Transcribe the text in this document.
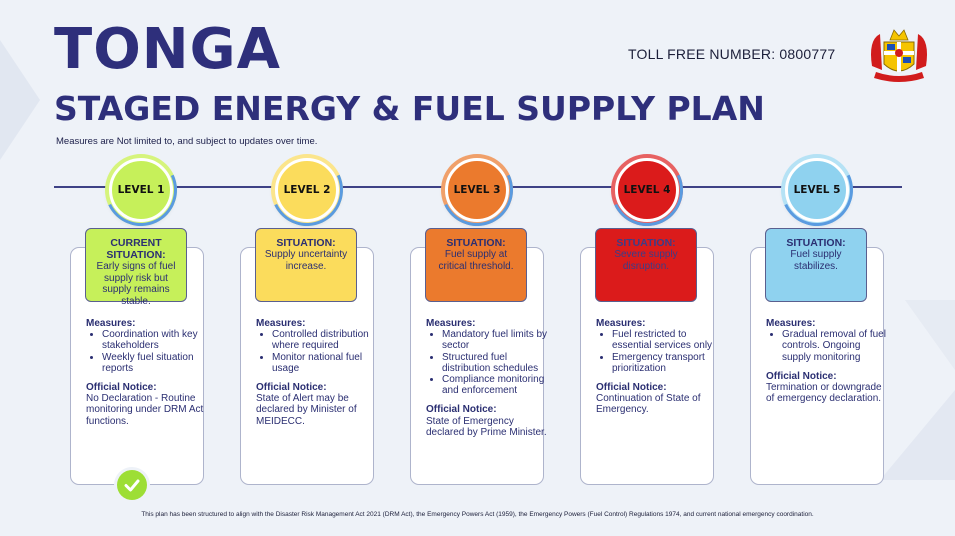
TONGA
STAGED ENERGY & FUEL SUPPLY PLAN
Measures are Not limited to, and subject to updates over time.
TOLL FREE NUMBER: 0800777
LEVEL 1
CURRENT SITUATION:
Early signs of fuel supply risk but supply remains stable.
Measures:
• Coordination with key stakeholders
• Weekly fuel situation reports
Official Notice:
No Declaration - Routine monitoring under DRM Act functions.
LEVEL 2
SITUATION:
Supply uncertainty increase.
Measures:
• Controlled distribution where required
• Monitor national fuel usage
Official Notice:
State of Alert may be declared by Minister of MEIDECC.
LEVEL 3
SITUATION:
Fuel supply at critical threshold.
Measures:
• Mandatory fuel limits by sector
• Structured fuel distribution schedules
• Compliance monitoring and enforcement
Official Notice:
State of Emergency declared by Prime Minister.
LEVEL 4
SITUATION:
Severe supply disruption.
Measures:
• Fuel restricted to essential services only
• Emergency transport prioritization
Official Notice:
Continuation of State of Emergency.
LEVEL 5
SITUATION:
Fuel supply stabilizes.
Measures:
• Gradual removal of fuel controls. Ongoing supply monitoring
Official Notice:
Termination or downgrade of emergency declaration.
This plan has been structured to align with the Disaster Risk Management Act 2021 (DRM Act), the Emergency Powers Act (1959), the Emergency Powers (Fuel Control) Regulations 1974, and current national emergency coordination.
